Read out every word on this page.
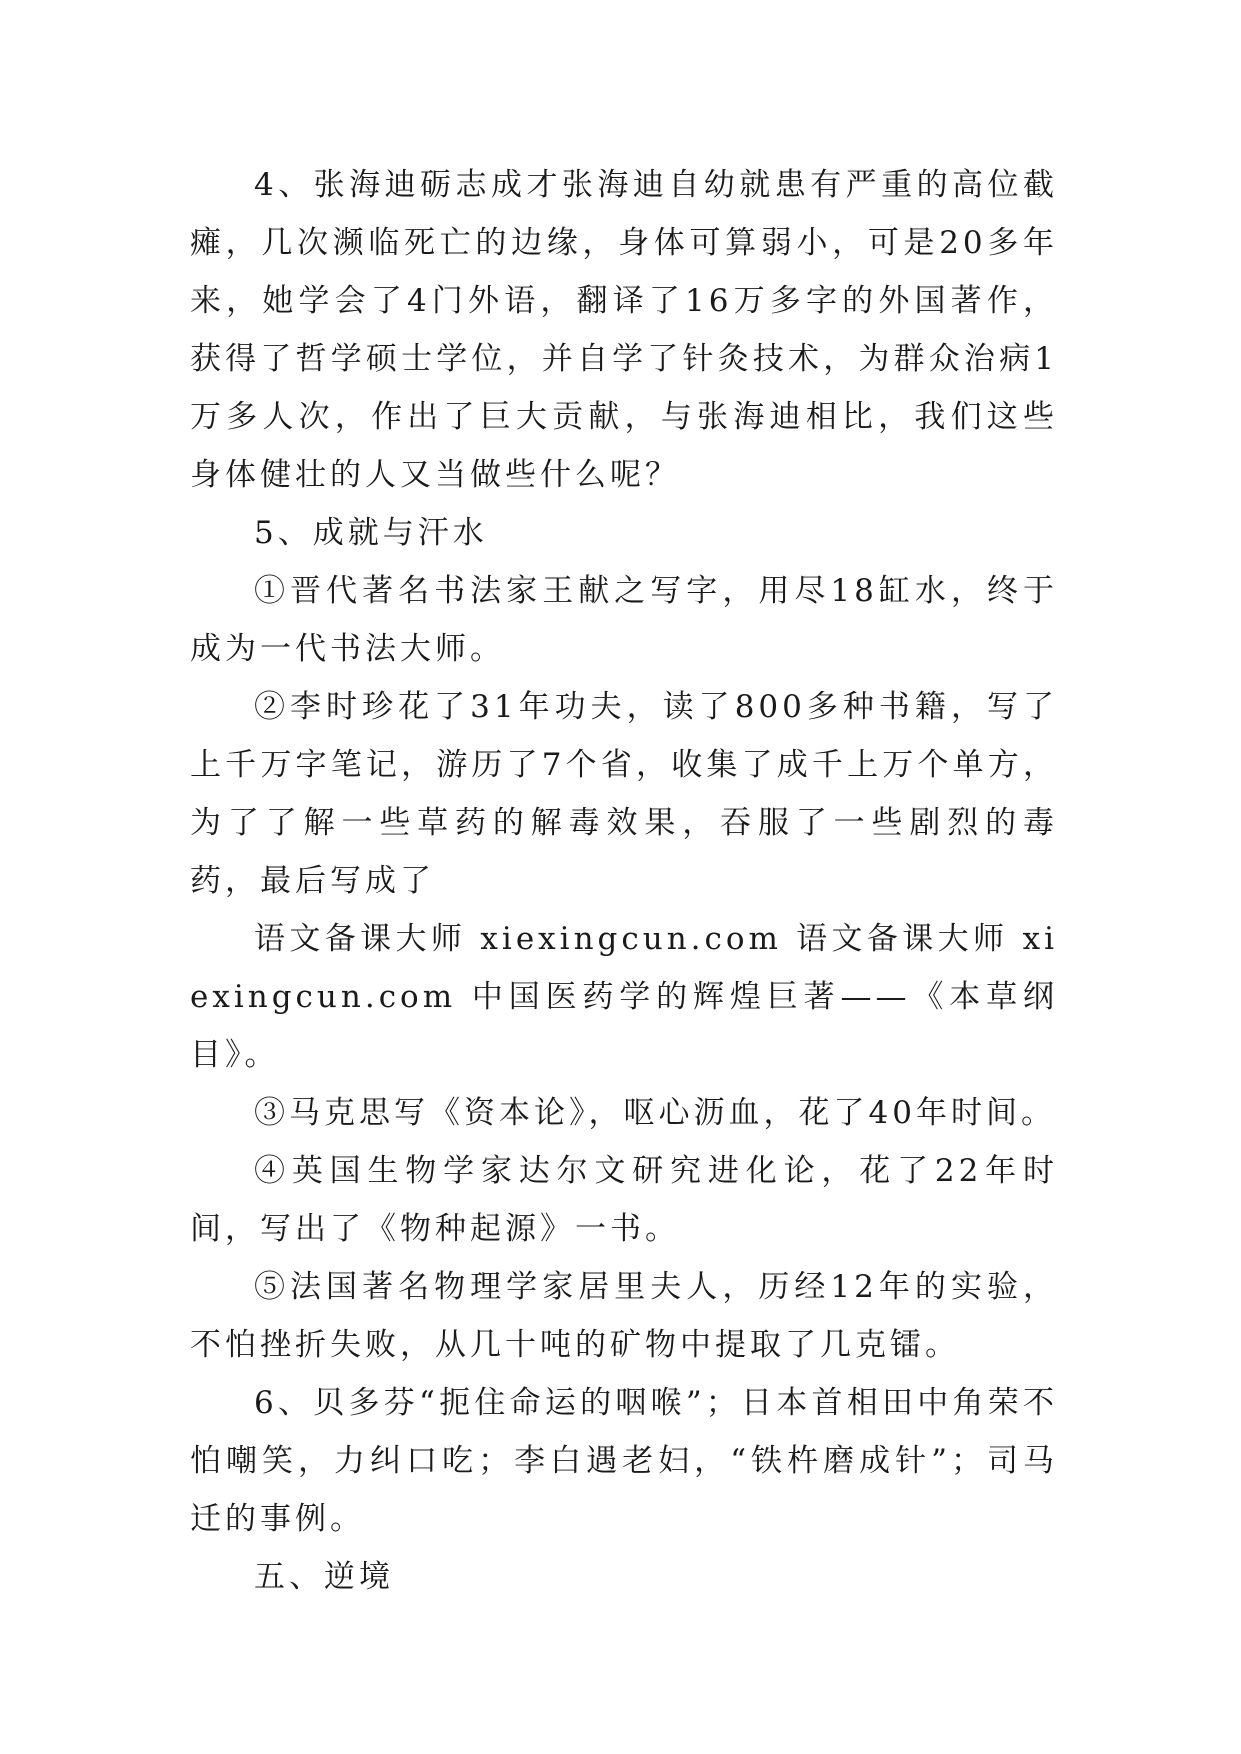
4、张海迪砺志成才张海迪自幼就患有严重的高位截瘫，几次濒临死亡的边缘，身体可算弱小，可是20多年来，她学会了4门外语，翻译了16万多字的外国著作，获得了哲学硕士学位，并自学了针灸技术，为群众治病1万多人次，作出了巨大贡献，与张海迪相比，我们这些身体健壮的人又当做些什么呢？

5、成就与汗水

①晋代著名书法家王献之写字，用尽18缸水，终于成为一代书法大师。

②李时珍花了31年功夫，读了800多种书籍，写了上千万字笔记，游历了7个省，收集了成千上万个单方，为了了解一些草药的解毒效果，吞服了一些剧烈的毒药，最后写成了

语文备课大师 xiexingcun.com 语文备课大师 xiexingcun.com 中国医药学的辉煌巨著——《本草纲目》。

③马克思写《资本论》，呕心沥血，花了40年时间。

④英国生物学家达尔文研究进化论，花了22年时间，写出了《物种起源》一书。

⑤法国著名物理学家居里夫人，历经12年的实验，不怕挫折失败，从几十吨的矿物中提取了几克镭。

6、贝多芬“扼住命运的咽喉”；日本首相田中角荣不怕嘲笑，力纠口吃；李白遇老妇，“铁杵磨成针”；司马迁的事例。

五、逆境
